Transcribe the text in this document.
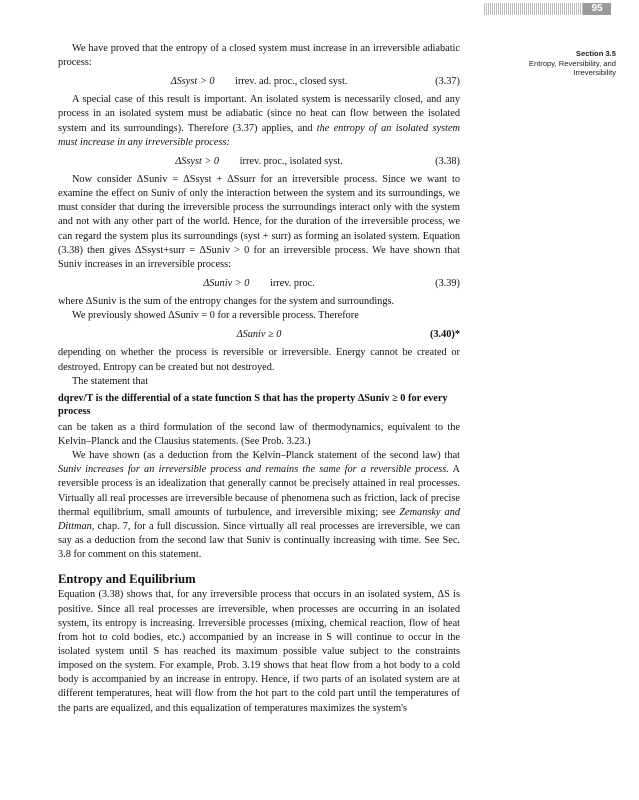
95
Section 3.5
Entropy, Reversibility, and Irreversibility

We have proved that the entropy of a closed system must increase in an irreversible adiabatic process:

ΔSsyst > 0 irrev. ad. proc., closed syst.	(3.37)

A special case of this result is important. An isolated system is necessarily closed, and any process in an isolated system must be adiabatic (since no heat can flow between the isolated system and its surroundings). Therefore (3.37) applies, and the entropy of an isolated system must increase in any irreversible process:

ΔSsyst > 0 irrev. proc., isolated syst.	(3.38)

Now consider ΔSuniv = ΔSsyst + ΔSsurr for an irreversible process. Since we want to examine the effect on Suniv of only the interaction between the system and its surroundings, we must consider that during the irreversible process the surroundings interact only with the system and not with any other part of the world. Hence, for the duration of the irreversible process, we can regard the system plus its surroundings (syst + surr) as forming an isolated system. Equation (3.38) then gives ΔSsyst+surr = ΔSuniv > 0 for an irreversible process. We have shown that Suniv increases in an irreversible process:

ΔSuniv > 0 irrev. proc.	(3.39)

where ΔSuniv is the sum of the entropy changes for the system and surroundings.

We previously showed ΔSuniv = 0 for a reversible process. Therefore

ΔSuniv ≥ 0	(3.40)*

depending on whether the process is reversible or irreversible. Energy cannot be created or destroyed. Entropy can be created but not destroyed.

The statement that

dqrev/T is the differential of a state function S that has the property ΔSuniv ≥ 0 for every process

can be taken as a third formulation of the second law of thermodynamics, equivalent to the Kelvin–Planck and the Clausius statements. (See Prob. 3.23.)

We have shown (as a deduction from the Kelvin–Planck statement of the second law) that Suniv increases for an irreversible process and remains the same for a reversible process. A reversible process is an idealization that generally cannot be precisely attained in real processes. Virtually all real processes are irreversible because of phenomena such as friction, lack of precise thermal equilibrium, small amounts of turbulence, and irreversible mixing; see Zemansky and Dittman, chap. 7, for a full discussion. Since virtually all real processes are irreversible, we can say as a deduction from the second law that Suniv is continually increasing with time. See Sec. 3.8 for comment on this statement.

Entropy and Equilibrium

Equation (3.38) shows that, for any irreversible process that occurs in an isolated system, ΔS is positive. Since all real processes are irreversible, when processes are occurring in an isolated system, its entropy is increasing. Irreversible processes (mixing, chemical reaction, flow of heat from hot to cold bodies, etc.) accompanied by an increase in S will continue to occur in the isolated system until S has reached its maximum possible value subject to the constraints imposed on the system. For example, Prob. 3.19 shows that heat flow from a hot body to a cold body is accompanied by an increase in entropy. Hence, if two parts of an isolated system are at different temperatures, heat will flow from the hot part to the cold part until the temperatures of the parts are equalized, and this equalization of temperatures maximizes the system's
